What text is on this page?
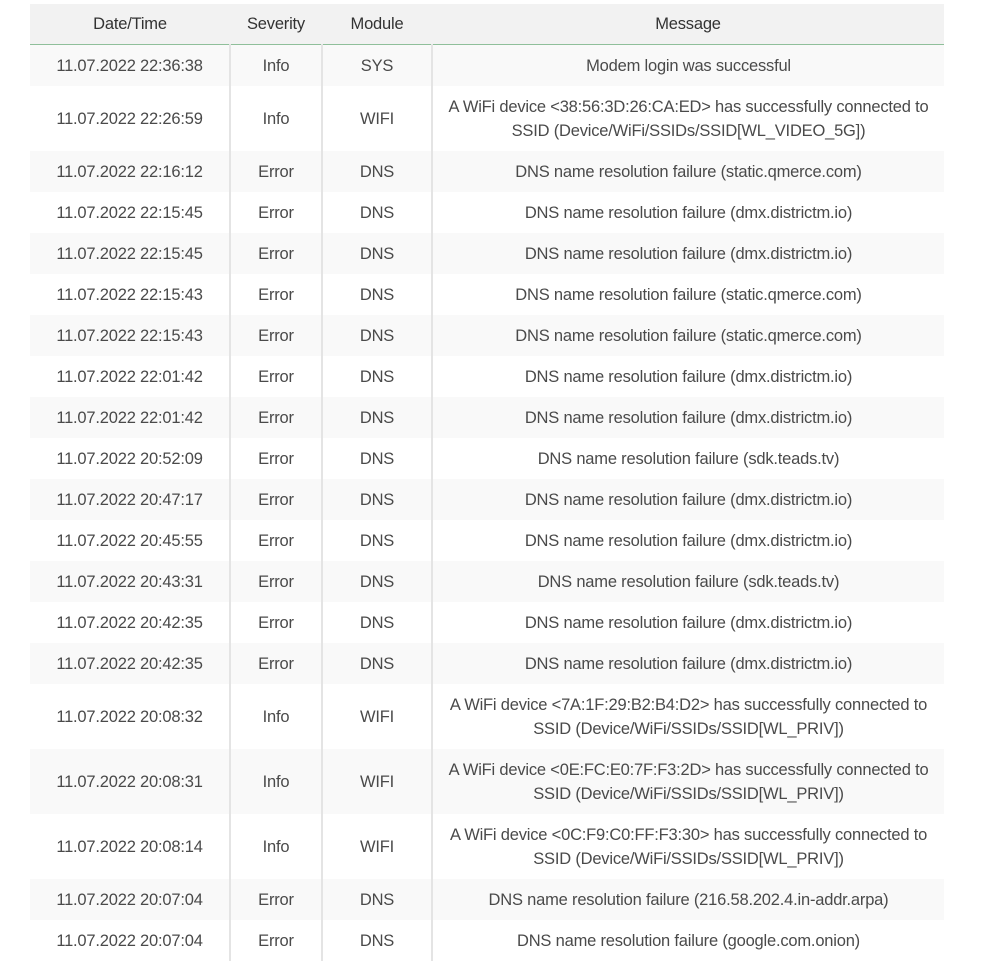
Date/Time	Severity	Module	Message
11.07.2022 22:36:38	Info	SYS	Modem login was successful
11.07.2022 22:26:59	Info	WIFI	A WiFi device <38:56:3D:26:CA:ED> has successfully connected to SSID (Device/WiFi/SSIDs/SSID[WL_VIDEO_5G])
11.07.2022 22:16:12	Error	DNS	DNS name resolution failure (static.qmerce.com)
11.07.2022 22:15:45	Error	DNS	DNS name resolution failure (dmx.districtm.io)
11.07.2022 22:15:45	Error	DNS	DNS name resolution failure (dmx.districtm.io)
11.07.2022 22:15:43	Error	DNS	DNS name resolution failure (static.qmerce.com)
11.07.2022 22:15:43	Error	DNS	DNS name resolution failure (static.qmerce.com)
11.07.2022 22:01:42	Error	DNS	DNS name resolution failure (dmx.districtm.io)
11.07.2022 22:01:42	Error	DNS	DNS name resolution failure (dmx.districtm.io)
11.07.2022 20:52:09	Error	DNS	DNS name resolution failure (sdk.teads.tv)
11.07.2022 20:47:17	Error	DNS	DNS name resolution failure (dmx.districtm.io)
11.07.2022 20:45:55	Error	DNS	DNS name resolution failure (dmx.districtm.io)
11.07.2022 20:43:31	Error	DNS	DNS name resolution failure (sdk.teads.tv)
11.07.2022 20:42:35	Error	DNS	DNS name resolution failure (dmx.districtm.io)
11.07.2022 20:42:35	Error	DNS	DNS name resolution failure (dmx.districtm.io)
11.07.2022 20:08:32	Info	WIFI	A WiFi device <7A:1F:29:B2:B4:D2> has successfully connected to SSID (Device/WiFi/SSIDs/SSID[WL_PRIV])
11.07.2022 20:08:31	Info	WIFI	A WiFi device <0E:FC:E0:7F:F3:2D> has successfully connected to SSID (Device/WiFi/SSIDs/SSID[WL_PRIV])
11.07.2022 20:08:14	Info	WIFI	A WiFi device <0C:F9:C0:FF:F3:30> has successfully connected to SSID (Device/WiFi/SSIDs/SSID[WL_PRIV])
11.07.2022 20:07:04	Error	DNS	DNS name resolution failure (216.58.202.4.in-addr.arpa)
11.07.2022 20:07:04	Error	DNS	DNS name resolution failure (google.com.onion)
